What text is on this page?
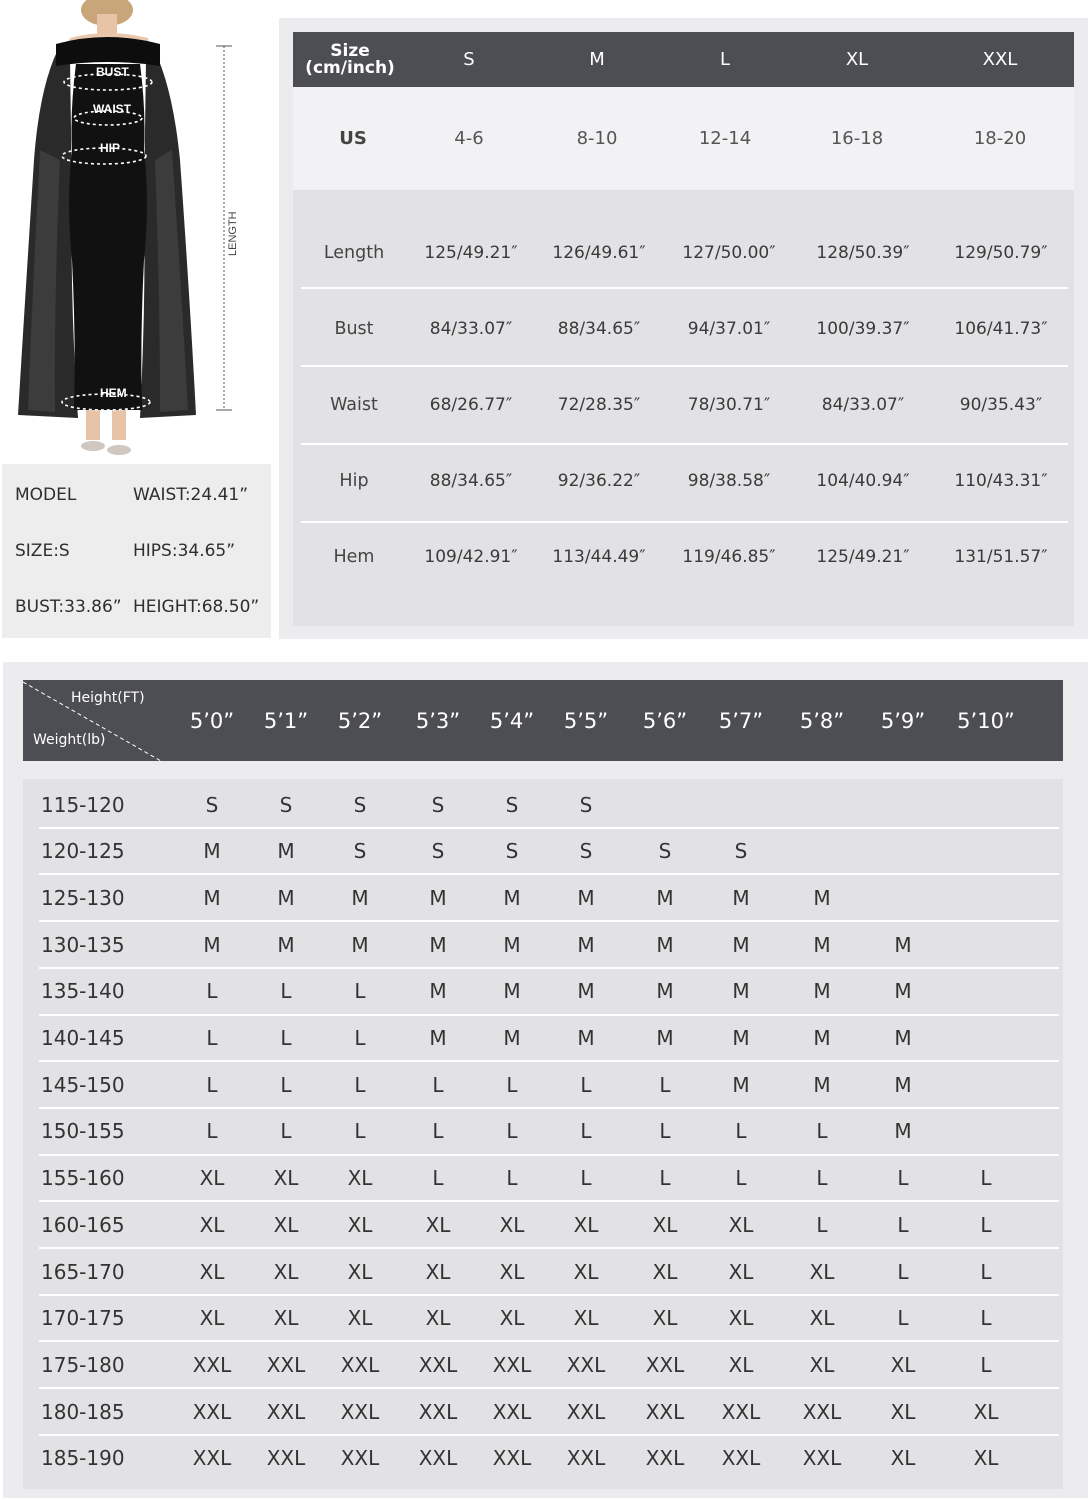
BUST
WAIST
HIP
HEM
LENGTH
MODEL	WAIST:24.41”
SIZE:S	HIPS:34.65”
BUST:33.86” HEIGHT:68.50”
Size
(cm/inch)	S	M	L	XL	XXL
US	4-6	8-10	12-14	16-18	18-20
Length	125/49.21″	126/49.61″	127/50.00″	128/50.39″	129/50.79″
Bust	84/33.07″	88/34.65″	94/37.01″	100/39.37″	106/41.73″
Waist	68/26.77″	72/28.35″	78/30.71″	84/33.07″	90/35.43″
Hip	88/34.65″	92/36.22″	98/38.58″	104/40.94″	110/43.31″
Hem	109/42.91″	113/44.49″	119/46.85″	125/49.21″	131/51.57″
Height(FT)
Weight(lb)
5’0”	5’1”	5’2”	5’3”	5’4”	5’5”	5’6”	5’7”	5’8”	5’9”	5’10”
115-120	S	S	S	S	S	S
120-125	M	M	S	S	S	S	S	S
125-130	M	M	M	M	M	M	M	M	M
130-135	M	M	M	M	M	M	M	M	M	M
135-140	L	L	L	M	M	M	M	M	M	M
140-145	L	L	L	M	M	M	M	M	M	M
145-150	L	L	L	L	L	L	L	M	M	M
150-155	L	L	L	L	L	L	L	L	L	M
155-160	XL	XL	XL	L	L	L	L	L	L	L	L
160-165	XL	XL	XL	XL	XL	XL	XL	XL	L	L	L
165-170	XL	XL	XL	XL	XL	XL	XL	XL	XL	L	L
170-175	XL	XL	XL	XL	XL	XL	XL	XL	XL	L	L
175-180	XXL	XXL	XXL	XXL	XXL	XXL	XXL	XL	XL	XL	L
180-185	XXL	XXL	XXL	XXL	XXL	XXL	XXL	XXL	XXL	XL	XL
185-190	XXL	XXL	XXL	XXL	XXL	XXL	XXL	XXL	XXL	XL	XL
